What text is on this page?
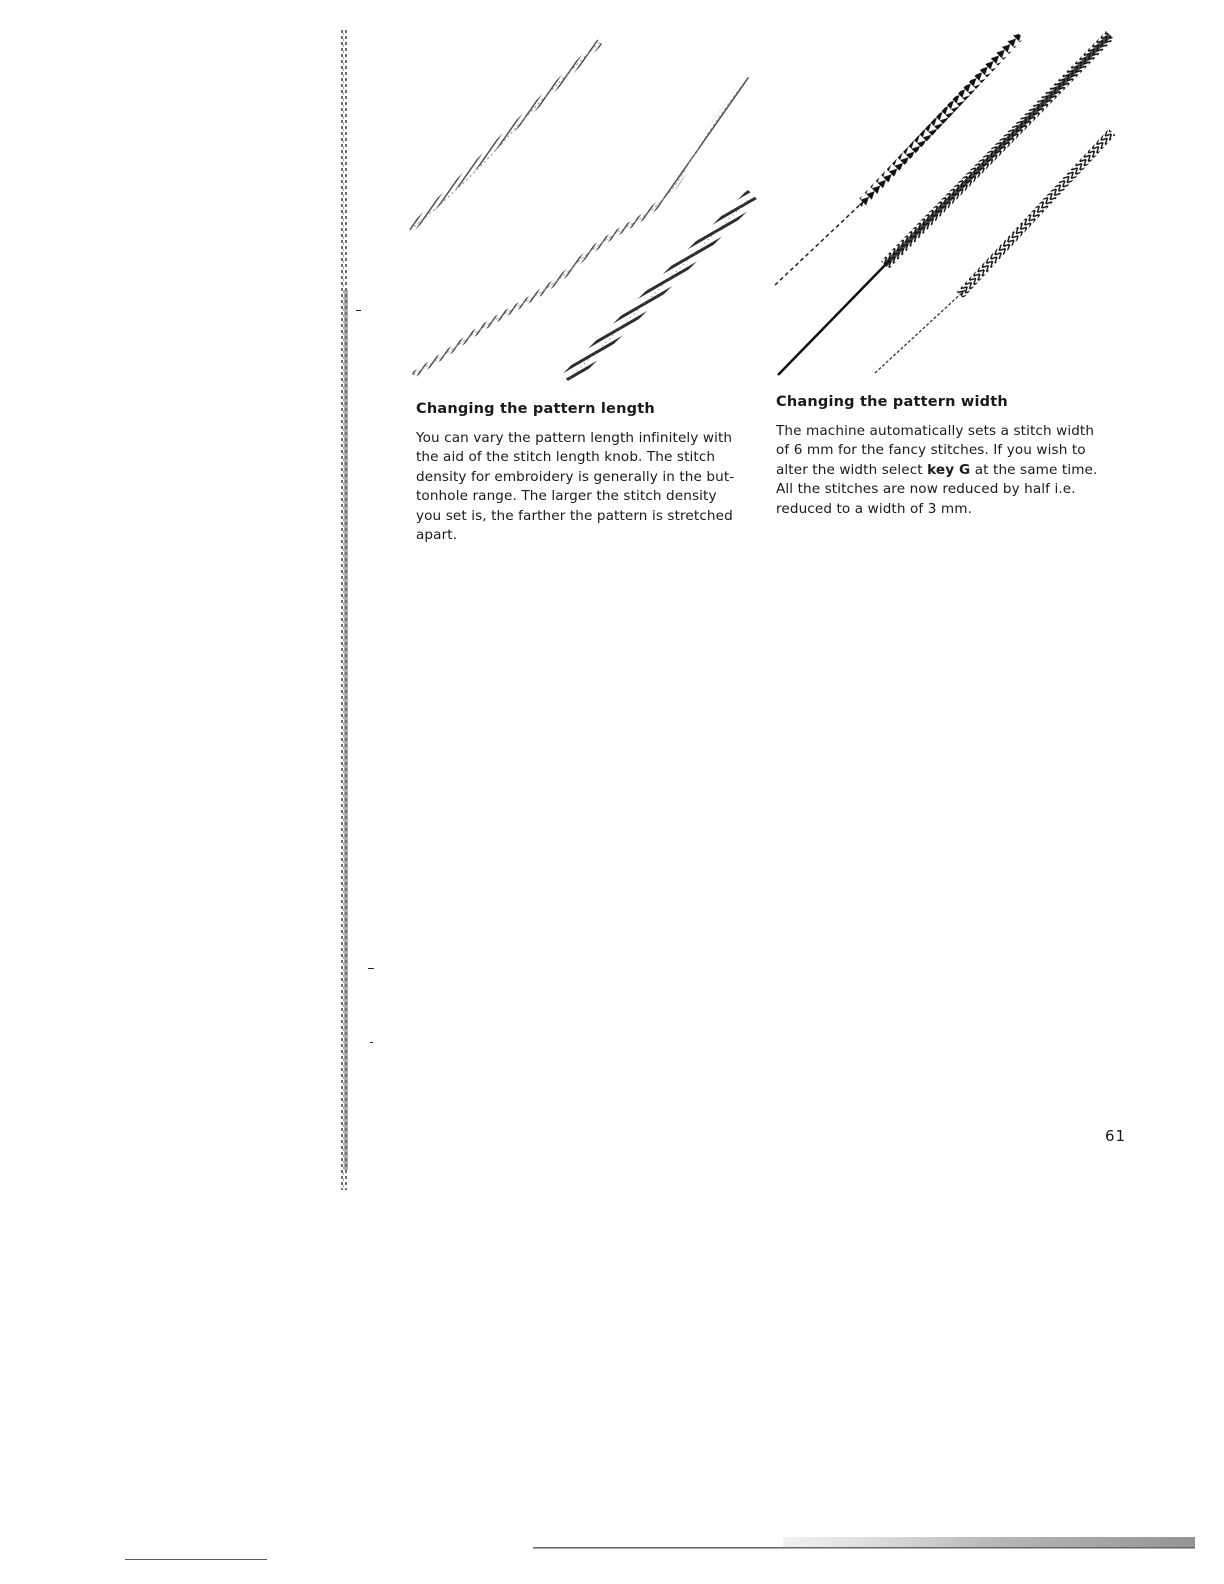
Changing the pattern length

You can vary the pattern length infinitely with
the aid of the stitch length knob. The stitch
density for embroidery is generally in the but-
tonhole range. The larger the stitch density
you set is, the farther the pattern is stretched
apart.

Changing the pattern width

The machine automatically sets a stitch width
of 6 mm for the fancy stitches. If you wish to
alter the width select key G at the same time.
All the stitches are now reduced by half i.e.
reduced to a width of 3 mm.

61
